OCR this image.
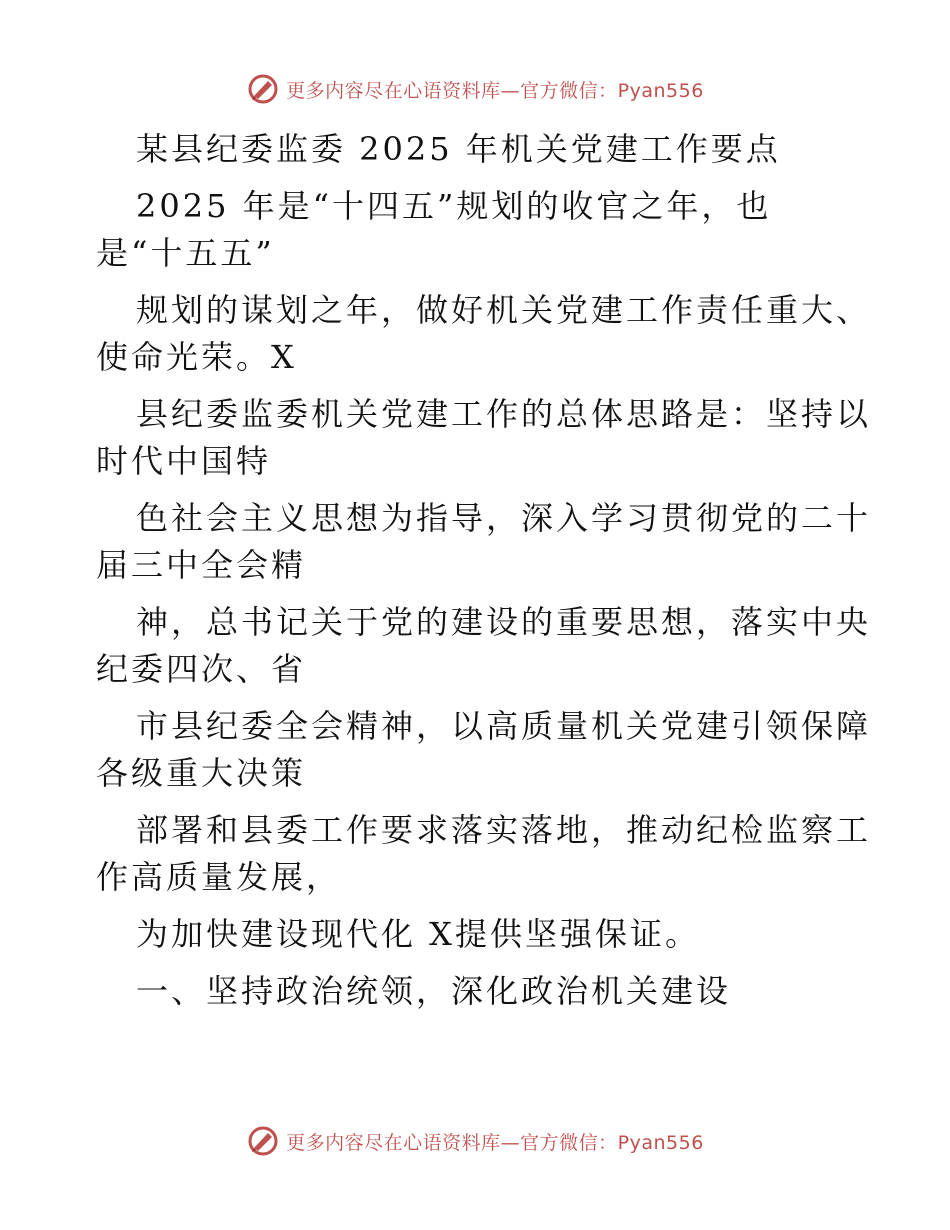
更多内容尽在心语资料库—官方微信：Pyan556

某县纪委监委 2025 年机关党建工作要点

2025 年是“十四五”规划的收官之年，也
是“十五五”

规划的谋划之年，做好机关党建工作责任重大、
使命光荣。X

县纪委监委机关党建工作的总体思路是：坚持以
时代中国特

色社会主义思想为指导，深入学习贯彻党的二十
届三中全会精

神，总书记关于党的建设的重要思想，落实中央
纪委四次、省

市县纪委全会精神，以高质量机关党建引领保障
各级重大决策

部署和县委工作要求落实落地，推动纪检监察工
作高质量发展，

为加快建设现代化 X提供坚强保证。

一、坚持政治统领，深化政治机关建设

更多内容尽在心语资料库—官方微信：Pyan556
